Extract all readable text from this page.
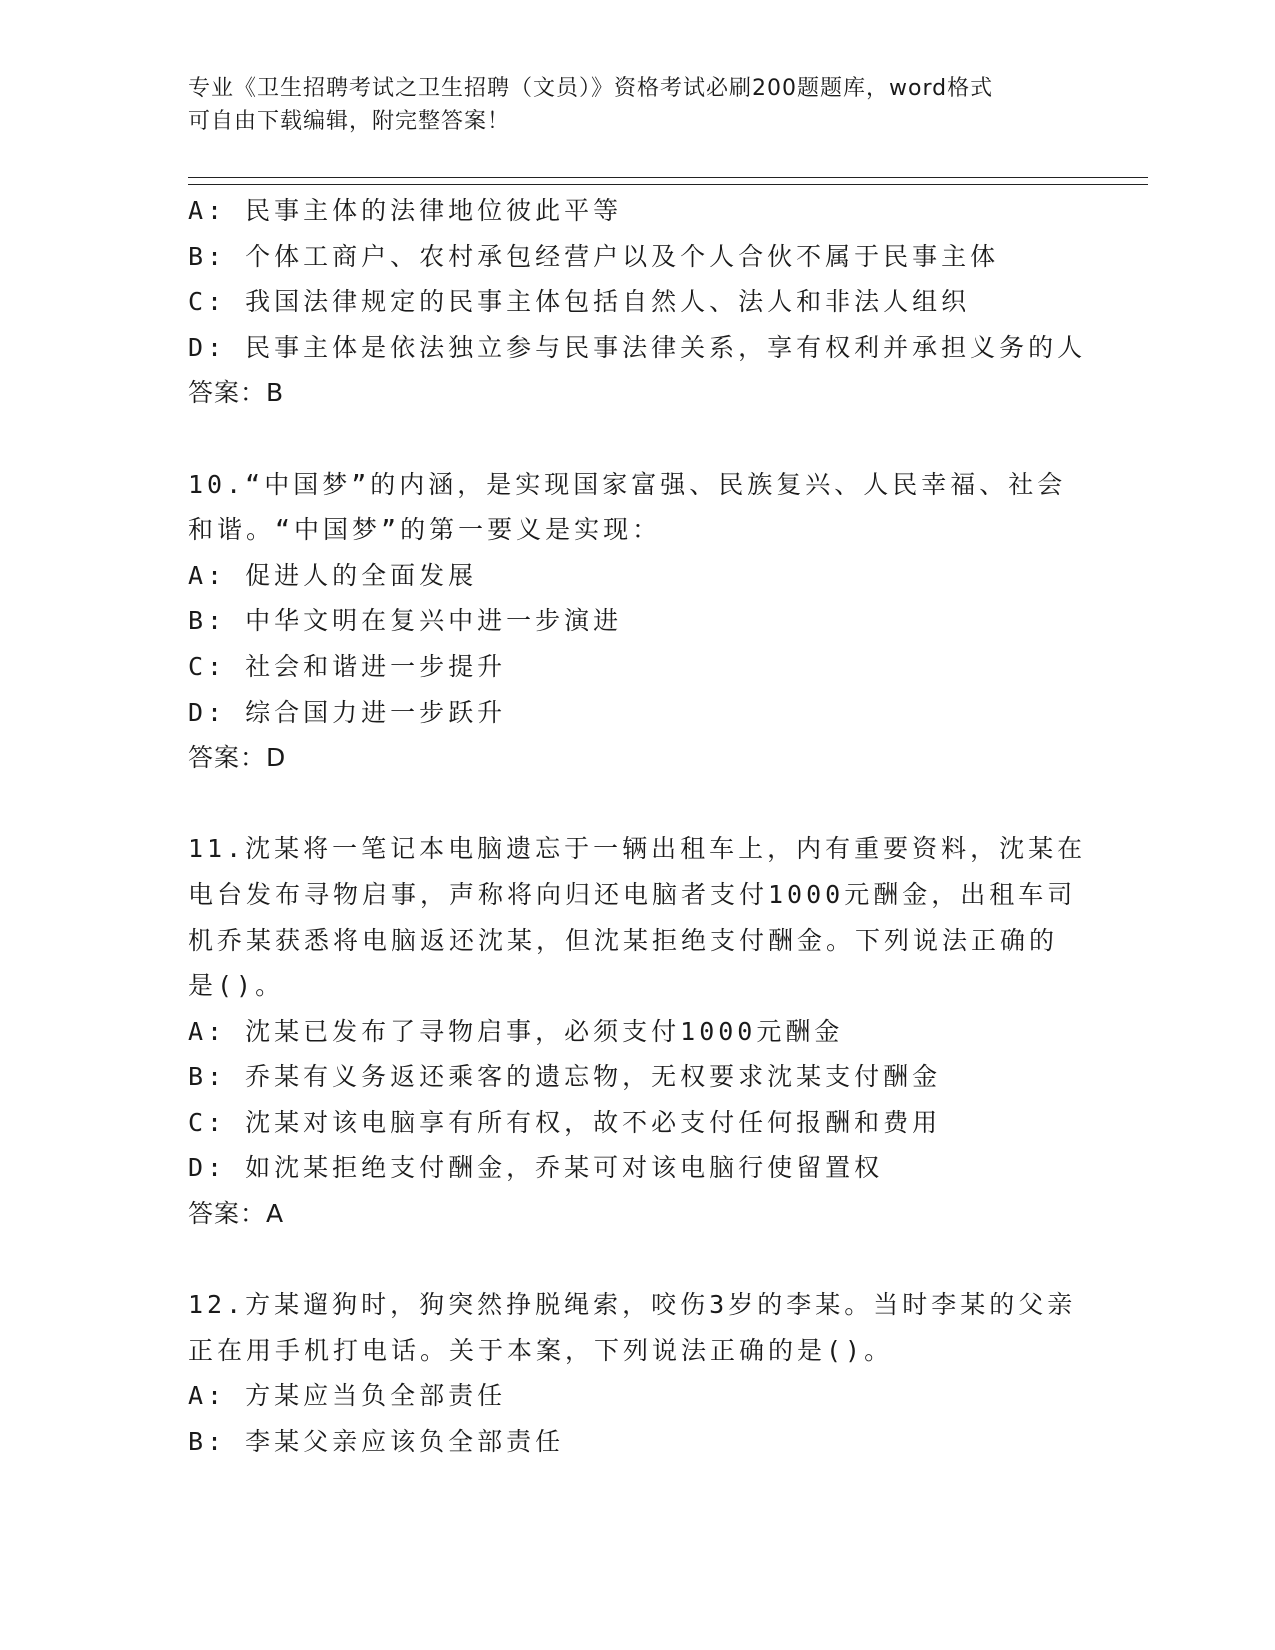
专业《卫生招聘考试之卫生招聘（文员）》资格考试必刷200题题库，word格式
可自由下载编辑，附完整答案！
A: 民事主体的法律地位彼此平等
B: 个体工商户、农村承包经营户以及个人合伙不属于民事主体
C: 我国法律规定的民事主体包括自然人、法人和非法人组织
D: 民事主体是依法独立参与民事法律关系，享有权利并承担义务的人
答案：B
10.“中国梦”的内涵，是实现国家富强、民族复兴、人民幸福、社会
和谐。“中国梦”的第一要义是实现：
A: 促进人的全面发展
B: 中华文明在复兴中进一步演进
C: 社会和谐进一步提升
D: 综合国力进一步跃升
答案：D
11.沈某将一笔记本电脑遗忘于一辆出租车上，内有重要资料，沈某在
电台发布寻物启事，声称将向归还电脑者支付1000元酬金，出租车司
机乔某获悉将电脑返还沈某，但沈某拒绝支付酬金。下列说法正确的
是()。
A: 沈某已发布了寻物启事，必须支付1000元酬金
B: 乔某有义务返还乘客的遗忘物，无权要求沈某支付酬金
C: 沈某对该电脑享有所有权，故不必支付任何报酬和费用
D: 如沈某拒绝支付酬金，乔某可对该电脑行使留置权
答案：A
12.方某遛狗时，狗突然挣脱绳索，咬伤3岁的李某。当时李某的父亲
正在用手机打电话。关于本案，下列说法正确的是()。
A: 方某应当负全部责任
B: 李某父亲应该负全部责任
